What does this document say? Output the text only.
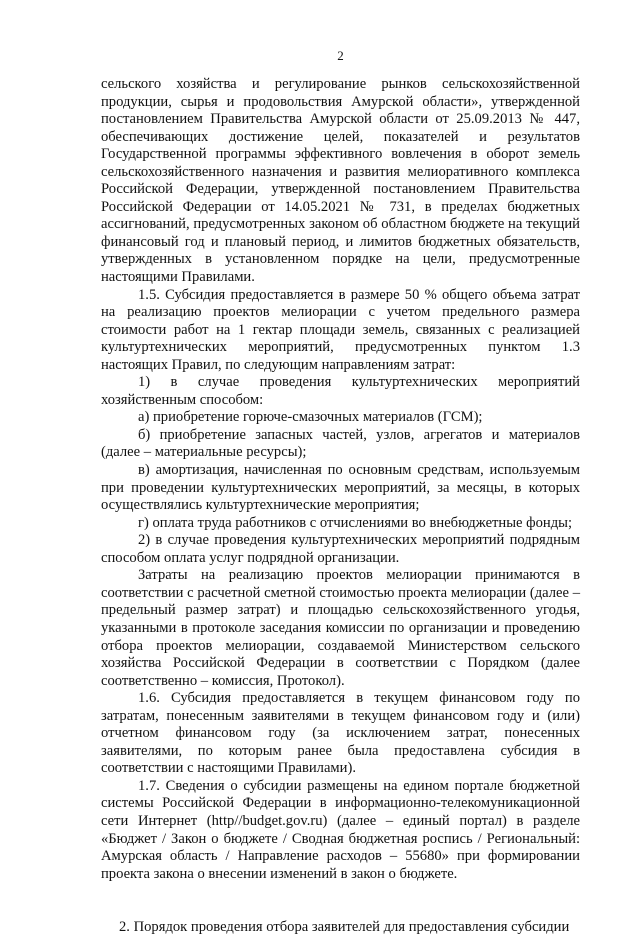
2

сельского хозяйства и регулирование рынков сельскохозяйственной продукции, сырья и продовольствия Амурской области», утвержденной постановлением Правительства Амурской области от 25.09.2013 № 447, обеспечивающих достижение целей, показателей и результатов Государственной программы эффективного вовлечения в оборот земель сельскохозяйственного назначения и развития мелиоративного комплекса Российской Федерации, утвержденной постановлением Правительства Российской Федерации от 14.05.2021 № 731, в пределах бюджетных ассигнований, предусмотренных законом об областном бюджете на текущий финансовый год и плановый период, и лимитов бюджетных обязательств, утвержденных в установленном порядке на цели, предусмотренные настоящими Правилами.

1.5. Субсидия предоставляется в размере 50 % общего объема затрат на реализацию проектов мелиорации с учетом предельного размера стоимости работ на 1 гектар площади земель, связанных с реализацией культуртехнических мероприятий, предусмотренных пунктом 1.3 настоящих Правил, по следующим направлениям затрат:

1) в случае проведения культуртехнических мероприятий хозяйственным способом:

а) приобретение горюче-смазочных материалов (ГСМ);

б) приобретение запасных частей, узлов, агрегатов и материалов (далее – материальные ресурсы);

в) амортизация, начисленная по основным средствам, используемым при проведении культуртехнических мероприятий, за месяцы, в которых осуществлялись культуртехнические мероприятия;

г) оплата труда работников с отчислениями во внебюджетные фонды;

2) в случае проведения культуртехнических мероприятий подрядным способом оплата услуг подрядной организации.

Затраты на реализацию проектов мелиорации принимаются в соответствии с расчетной сметной стоимостью проекта мелиорации (далее – предельный размер затрат) и площадью сельскохозяйственного угодья, указанными в протоколе заседания комиссии по организации и проведению отбора проектов мелиорации, создаваемой Министерством сельского хозяйства Российской Федерации в соответствии с Порядком (далее соответственно – комиссия, Протокол).

1.6. Субсидия предоставляется в текущем финансовом году по затратам, понесенным заявителями в текущем финансовом году и (или) отчетном финансовом году (за исключением затрат, понесенных заявителями, по которым ранее была предоставлена субсидия в соответствии с настоящими Правилами).

1.7. Сведения о субсидии размещены на едином портале бюджетной системы Российской Федерации в информационно-телекомуникационной сети Интернет (http//budget.gov.ru) (далее – единый портал) в разделе «Бюджет / Закон о бюджете / Сводная бюджетная роспись / Региональный: Амурская область / Направление расходов – 55680» при формировании проекта закона о внесении изменений в закон о бюджете.

2. Порядок проведения отбора заявителей для предоставления субсидии
